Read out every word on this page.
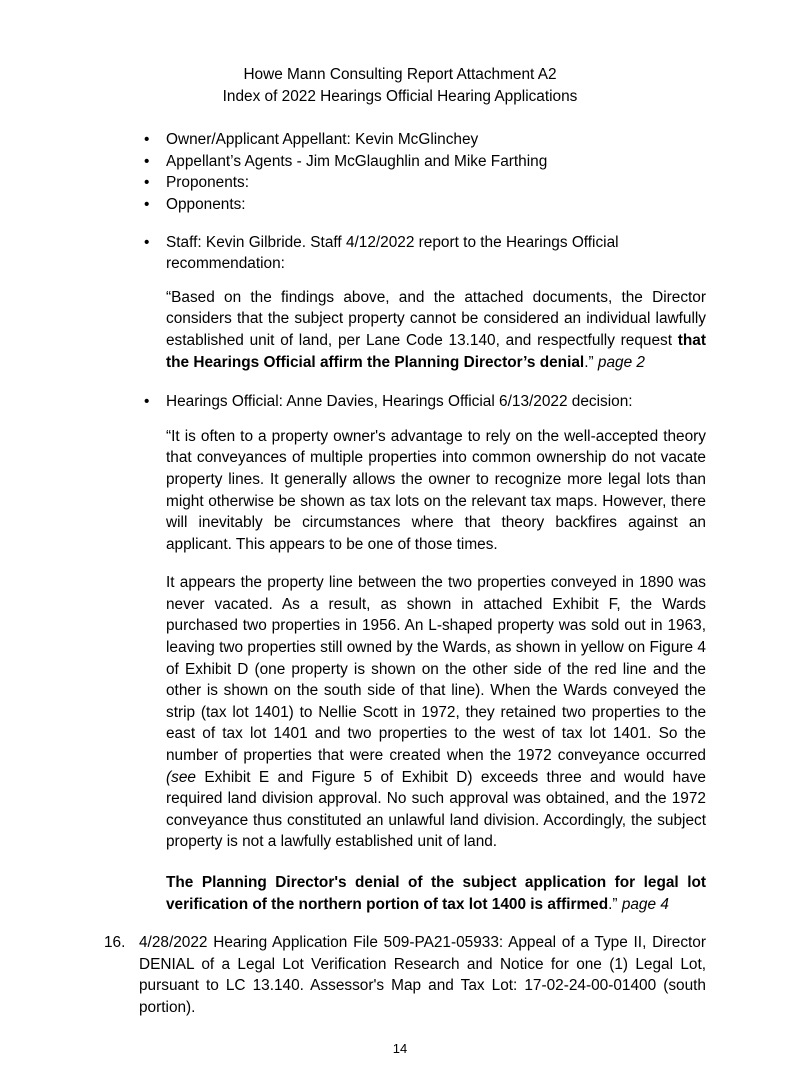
Howe Mann Consulting Report Attachment A2
Index of 2022 Hearings Official Hearing Applications
• Owner/Applicant Appellant: Kevin McGlinchey
• Appellant’s Agents - Jim McGlaughlin and Mike Farthing
• Proponents:
• Opponents:
• Staff: Kevin Gilbride. Staff 4/12/2022 report to the Hearings Official recommendation:
“Based on the findings above, and the attached documents, the Director considers that the subject property cannot be considered an individual lawfully established unit of land, per Lane Code 13.140, and respectfully request that the Hearings Official affirm the Planning Director’s denial.” page 2
• Hearings Official: Anne Davies, Hearings Official 6/13/2022 decision:
“It is often to a property owner's advantage to rely on the well-accepted theory that conveyances of multiple properties into common ownership do not vacate property lines. It generally allows the owner to recognize more legal lots than might otherwise be shown as tax lots on the relevant tax maps. However, there will inevitably be circumstances where that theory backfires against an applicant. This appears to be one of those times.
It appears the property line between the two properties conveyed in 1890 was never vacated. As a result, as shown in attached Exhibit F, the Wards purchased two properties in 1956. An L-shaped property was sold out in 1963, leaving two properties still owned by the Wards, as shown in yellow on Figure 4 of Exhibit D (one property is shown on the other side of the red line and the other is shown on the south side of that line). When the Wards conveyed the strip (tax lot 1401) to Nellie Scott in 1972, they retained two properties to the east of tax lot 1401 and two properties to the west of tax lot 1401. So the number of properties that were created when the 1972 conveyance occurred (see Exhibit E and Figure 5 of Exhibit D) exceeds three and would have required land division approval. No such approval was obtained, and the 1972 conveyance thus constituted an unlawful land division. Accordingly, the subject property is not a lawfully established unit of land.
The Planning Director's denial of the subject application for legal lot verification of the northern portion of tax lot 1400 is affirmed.” page 4
16. 4/28/2022 Hearing Application File 509-PA21-05933: Appeal of a Type II, Director DENIAL of a Legal Lot Verification Research and Notice for one (1) Legal Lot, pursuant to LC 13.140. Assessor's Map and Tax Lot: 17-02-24-00-01400 (south portion).
14
